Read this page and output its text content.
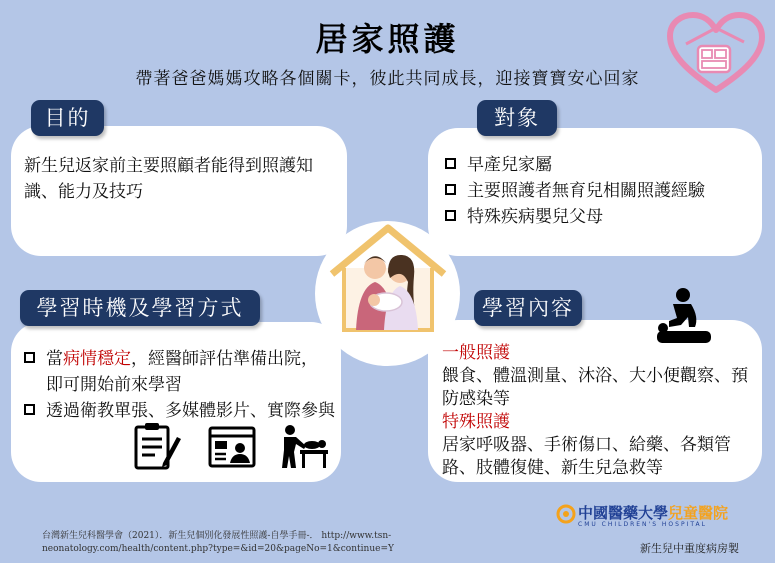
居家照護
帶著爸爸媽媽攻略各個關卡，彼此共同成長，迎接寶寶安心回家
目的
新生兒返家前主要照顧者能得到照護知識、能力及技巧
對象
早產兒家屬
主要照護者無育兒相關照護經驗
特殊疾病嬰兒父母
學習時機及學習方式
當病情穩定，經醫師評估準備出院，即可開始前來學習
透過衛教單張、多媒體影片、實際參與
學習內容
一般照護
餵食、體溫測量、沐浴、大小便觀察、預防感染等
特殊照護
居家呼吸器、手術傷口、給藥、各類管路、肢體復健、新生兒急救等
台灣新生兒科醫學會（2021）．新生兒個別化發展性照護-自學手冊-． http://www.tsn-neonatology.com/health/content.php?type=&id=20&pageNo=1&continue=Y
中國醫藥大學兒童醫院
CMU CHILDREN'S HOSPITAL
新生兒中重度病房製
